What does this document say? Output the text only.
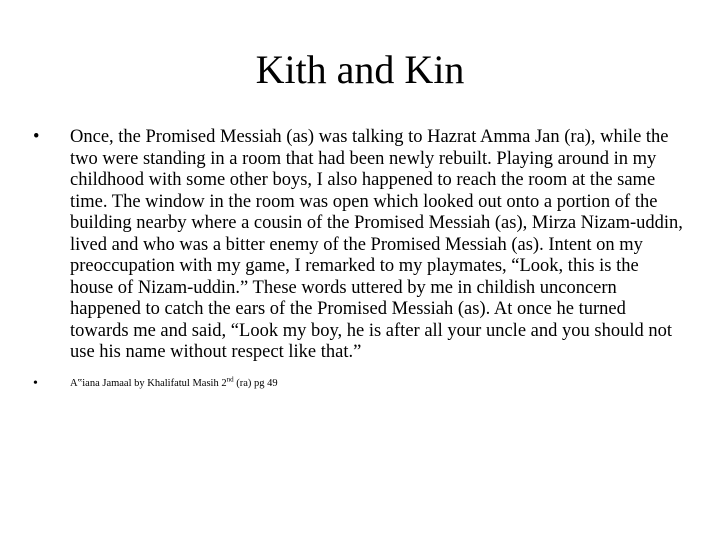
Kith and Kin
• Once, the Promised Messiah (as) was talking to Hazrat Amma Jan (ra), while the two were standing in a room that had been newly rebuilt. Playing around in my childhood with some other boys, I also happened to reach the room at the same time. The window in the room was open which looked out onto a portion of the building nearby where a cousin of the Promised Messiah (as), Mirza Nizam-uddin, lived and who was a bitter enemy of the Promised Messiah (as). Intent on my preoccupation with my game, I remarked to my playmates, “Look, this is the house of Nizam-uddin.” These words uttered by me in childish unconcern happened to catch the ears of the Promised Messiah (as). At once he turned towards me and said, “Look my boy, he is after all your uncle and you should not use his name without respect like that.”
•	A‟iana Jamaal by Khalifatul Masih 2nd (ra) pg 49
